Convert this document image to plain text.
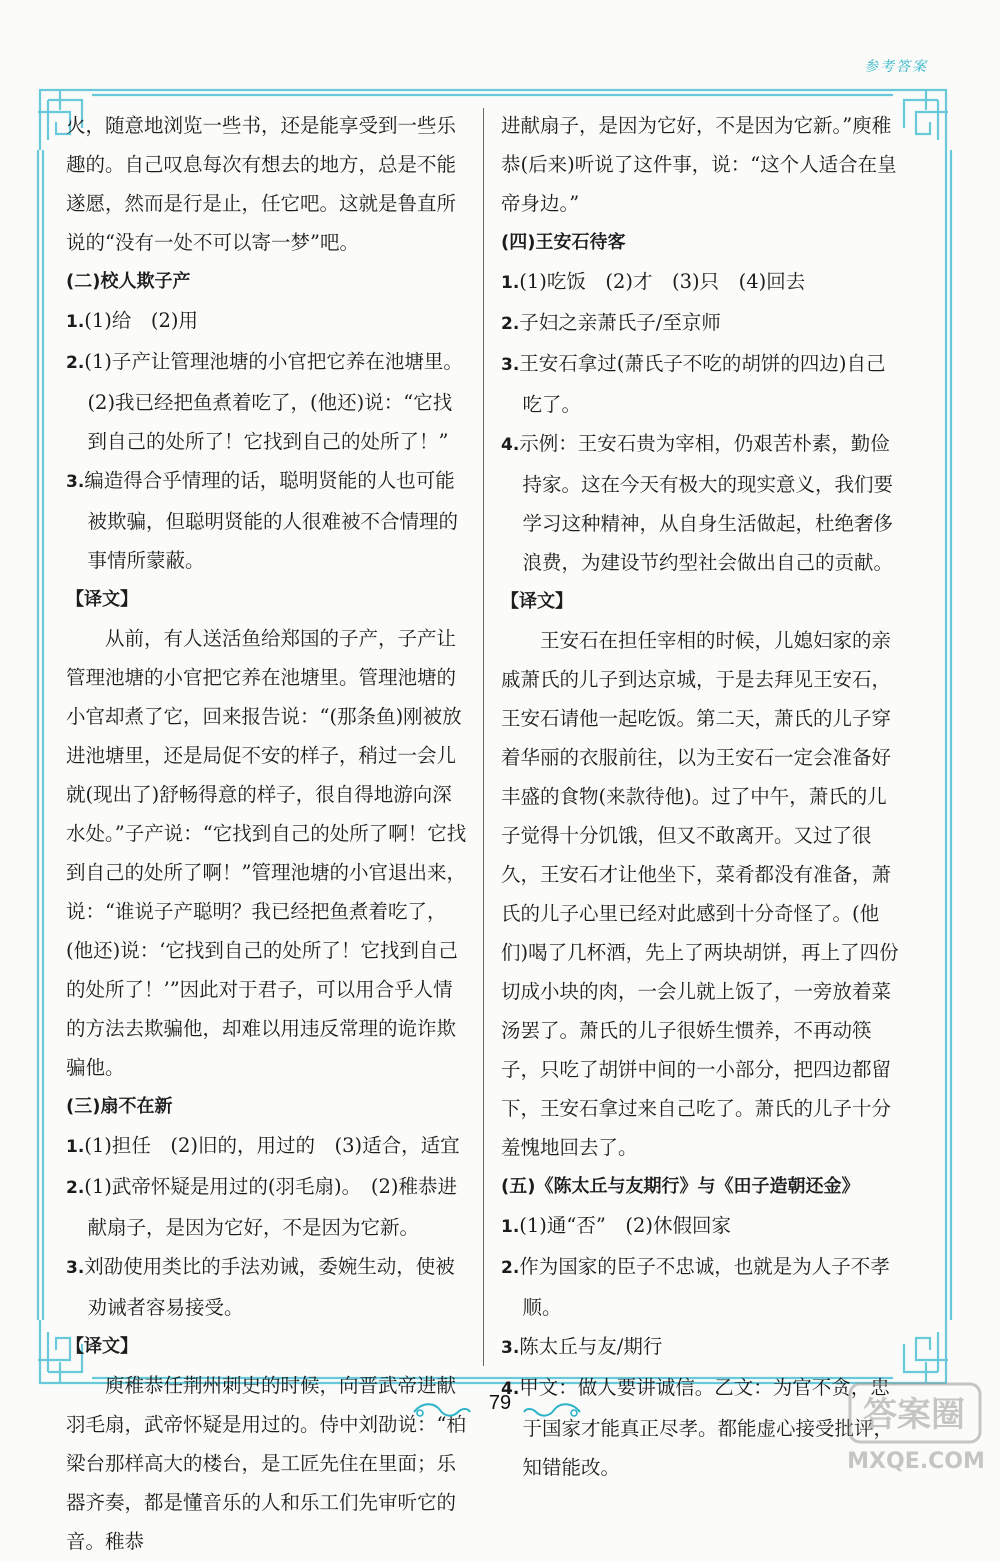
参考答案

火，随意地浏览一些书，还是能享受到一些乐趣的。自己叹息每次有想去的地方，总是不能遂愿，然而是行是止，任它吧。这就是鲁直所说的“没有一处不可以寄一梦”吧。

(二)校人欺子产

1.(1)给　(2)用

2.(1)子产让管理池塘的小官把它养在池塘里。

(2)我已经把鱼煮着吃了，(他还)说：“它找到自己的处所了！它找到自己的处所了！”

3.编造得合乎情理的话，聪明贤能的人也可能被欺骗，但聪明贤能的人很难被不合情理的事情所蒙蔽。

【译文】

从前，有人送活鱼给郑国的子产，子产让管理池塘的小官把它养在池塘里。管理池塘的小官却煮了它，回来报告说：“(那条鱼)刚被放进池塘里，还是局促不安的样子，稍过一会儿就(现出了)舒畅得意的样子，很自得地游向深水处。”子产说：“它找到自己的处所了啊！它找到自己的处所了啊！”管理池塘的小官退出来，说：“谁说子产聪明？我已经把鱼煮着吃了，(他还)说：‘它找到自己的处所了！它找到自己的处所了！’”因此对于君子，可以用合乎人情的方法去欺骗他，却难以用违反常理的诡诈欺骗他。

(三)扇不在新

1.(1)担任　(2)旧的，用过的　(3)适合，适宜

2.(1)武帝怀疑是用过的(羽毛扇)。　(2)稚恭进献扇子，是因为它好，不是因为它新。

3.刘劭使用类比的手法劝诫，委婉生动，使被劝诫者容易接受。

【译文】

庾稚恭任荆州刺史的时候，向晋武帝进献羽毛扇，武帝怀疑是用过的。侍中刘劭说：“柏梁台那样高大的楼台，是工匠先住在里面；乐器齐奏，都是懂音乐的人和乐工们先审听它的音。稚恭

进献扇子，是因为它好，不是因为它新。”庾稚恭(后来)听说了这件事，说：“这个人适合在皇帝身边。”

(四)王安石待客

1.(1)吃饭　(2)才　(3)只　(4)回去

2.子妇之亲萧氏子/至京师

3.王安石拿过(萧氏子不吃的胡饼的四边)自己吃了。

4.示例：王安石贵为宰相，仍艰苦朴素，勤俭持家。这在今天有极大的现实意义，我们要学习这种精神，从自身生活做起，杜绝奢侈浪费，为建设节约型社会做出自己的贡献。

【译文】

王安石在担任宰相的时候，儿媳妇家的亲戚萧氏的儿子到达京城，于是去拜见王安石，王安石请他一起吃饭。第二天，萧氏的儿子穿着华丽的衣服前往，以为王安石一定会准备好丰盛的食物(来款待他)。过了中午，萧氏的儿子觉得十分饥饿，但又不敢离开。又过了很久，王安石才让他坐下，菜肴都没有准备，萧氏的儿子心里已经对此感到十分奇怪了。(他们)喝了几杯酒，先上了两块胡饼，再上了四份切成小块的肉，一会儿就上饭了，一旁放着菜汤罢了。萧氏的儿子很娇生惯养，不再动筷子，只吃了胡饼中间的一小部分，把四边都留下，王安石拿过来自己吃了。萧氏的儿子十分羞愧地回去了。

(五)《陈太丘与友期行》与《田子造朝还金》

1.(1)通“否”　(2)休假回家

2.作为国家的臣子不忠诚，也就是为人子不孝顺。

3.陈太丘与友/期行

4.甲文：做人要讲诚信。乙文：为官不贪，忠于国家才能真正尽孝。都能虚心接受批评，知错能改。

79	答案圈
MXQE.COM
